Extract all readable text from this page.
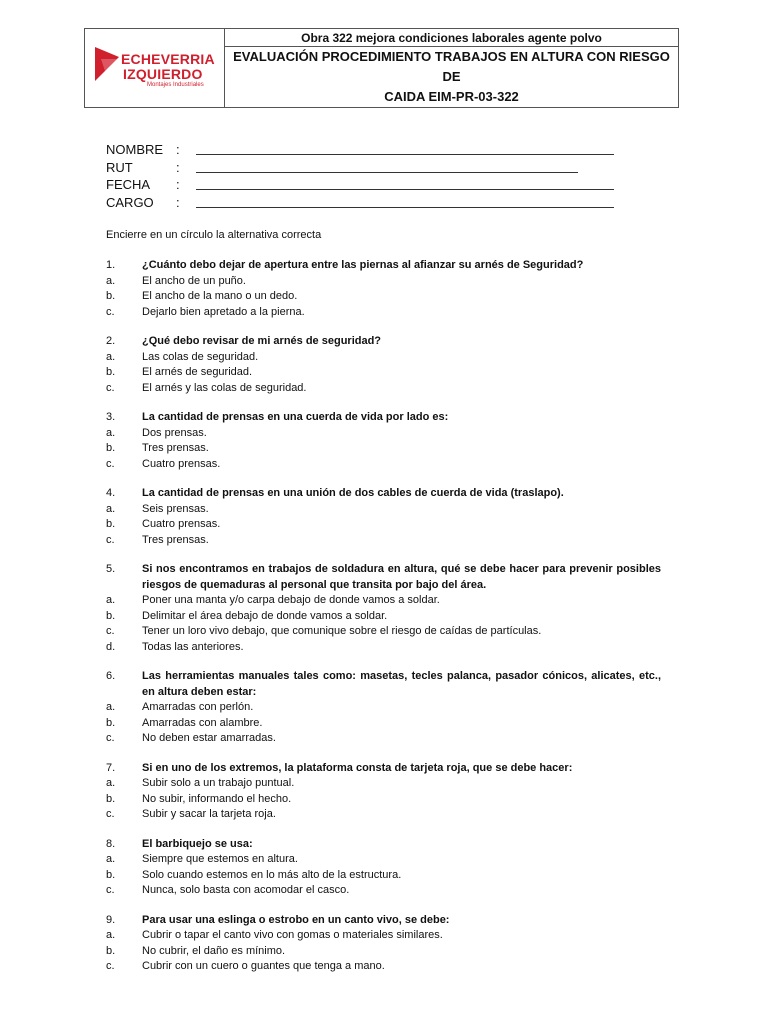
ECHEVERRIA
IZQUIERDO
Montajes Industriales
Obra 322 mejora condiciones laborales agente polvo
EVALUACIÓN PROCEDIMIENTO TRABAJOS EN ALTURA CON RIESGO DE
CAIDA EIM-PR-03-322
NOMBRE :
RUT	:
FECHA	:
CARGO	:
Encierre en un círculo la alternativa correcta
1.	¿Cuánto debo dejar de apertura entre las piernas al afianzar su arnés de Seguridad?
a.	El ancho de un puño.
b.	El ancho de la mano o un dedo.
c.	Dejarlo bien apretado a la pierna.
2.	¿Qué debo revisar de mi arnés de seguridad?
a.	Las colas de seguridad.
b.	El arnés de seguridad.
c.	El arnés y las colas de seguridad.
3.	La cantidad de prensas en una cuerda de vida por lado es:
a.	Dos prensas.
b.	Tres prensas.
c.	Cuatro prensas.
4.	La cantidad de prensas en una unión de dos cables de cuerda de vida (traslapo).
a.	Seis prensas.
b.	Cuatro prensas.
c.	Tres prensas.
5.	Si nos encontramos en trabajos de soldadura en altura, qué se debe hacer para prevenir posibles riesgos de quemaduras al personal que transita por bajo del área.
a.	Poner una manta y/o carpa debajo de donde vamos a soldar.
b.	Delimitar el área debajo de donde vamos a soldar.
c.	Tener un loro vivo debajo, que comunique sobre el riesgo de caídas de partículas.
d.	Todas las anteriores.
6.	Las herramientas manuales tales como: masetas, tecles palanca, pasador cónicos, alicates, etc., en altura deben estar:
a.	Amarradas con perlón.
b.	Amarradas con alambre.
c.	No deben estar amarradas.
7.	Si en uno de los extremos, la plataforma consta de tarjeta roja, que se debe hacer:
a.	Subir solo a un trabajo puntual.
b.	No subir, informando el hecho.
c.	Subir y sacar la tarjeta roja.
8.	El barbiquejo se usa:
a.	Siempre que estemos en altura.
b.	Solo cuando estemos en lo más alto de la estructura.
c.	Nunca, solo basta con acomodar el casco.
9.	Para usar una eslinga o estrobo en un canto vivo, se debe:
a.	Cubrir o tapar el canto vivo con gomas o materiales similares.
b.	No cubrir, el daño es mínimo.
c.	Cubrir con un cuero o guantes que tenga a mano.
